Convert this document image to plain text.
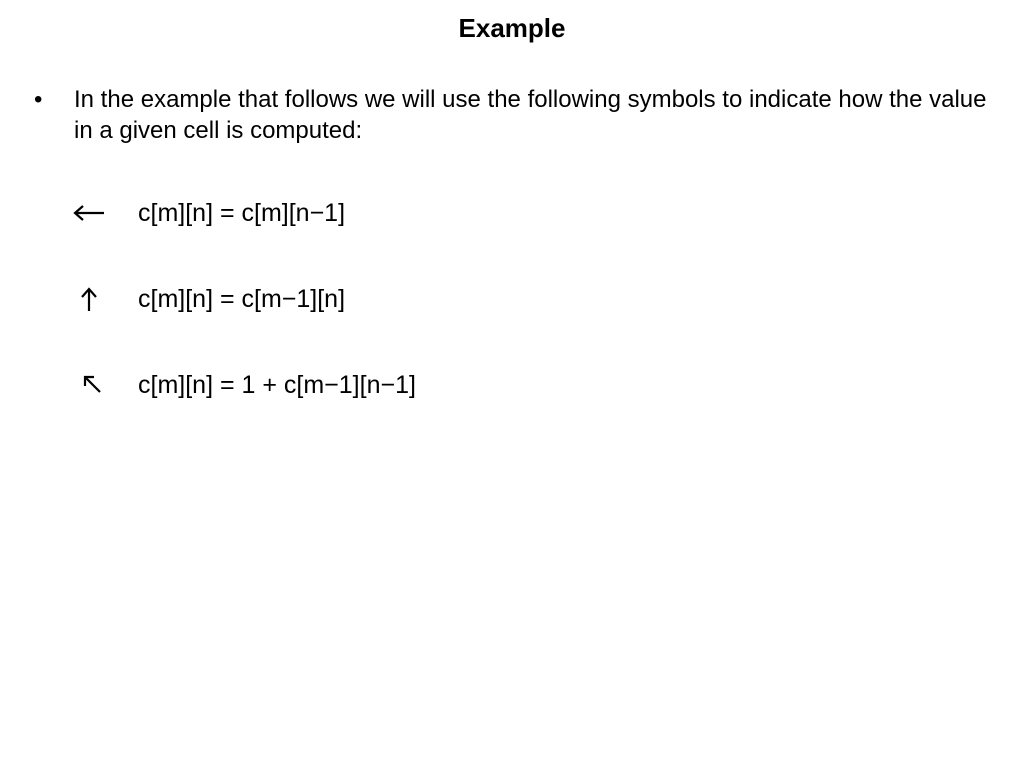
Example
•	In the example that follows we will use the following symbols to indicate how the value in a given cell is computed:
c[m][n] = c[m][n−1]
c[m][n] = c[m−1][n]
c[m][n] = 1 + c[m−1][n−1]
